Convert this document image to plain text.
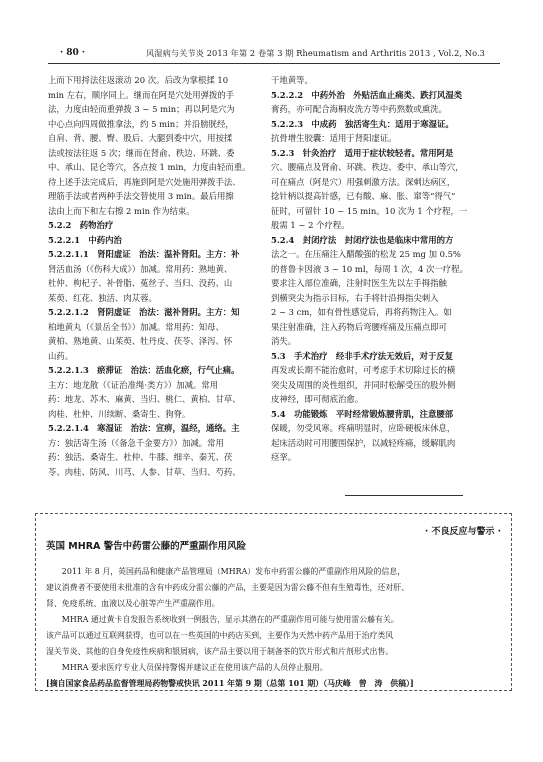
· 80 ·	风湿病与关节炎 2013 年第 2 卷第 3 期 Rheumatism and Arthritis 2013 , Vol.2, No.3

上而下用捋法往返滚动 20 次。后改为掌根揉 10

min 左右，顺序同上。继而在阿是穴处用弹拨的手

法，力度由轻而重弹拨 3 ~ 5 min；再以阿是穴为

中心点向四周做推拿法，约 5 min；并沿膀胱经，

自肩、背、腰、臀、股后、大腿到委中穴，用按揉

法或按法往返 5 次；继而在肾俞、秩边、环跳、委

中、承山、昆仑等穴，各点按 1 min，力度由轻而重。

待上述手法完成后，再施到阿是穴处施用弹拨手法、

理筋手法或者两种手法交替使用 3 min。最后用擦

法由上而下和左右擦 2 min 作为结束。

5.2.2　药物治疗

5.2.2.1　中药内治

5.2.2.1.1　肾阳虚证　治法：温补肾阳。主方：补

肾活血汤（《伤科大成》）加减。常用药：熟地黄、

杜仲、枸杞子、补骨脂、菟丝子、当归、没药、山

茱萸、红花、独活、肉苁蓉。

5.2.2.1.2　肾阴虚证　治法：滋补肾阴。主方：知

柏地黄丸（《景岳全书》）加减。常用药：知母、

黄柏、熟地黄、山茱萸、牡丹皮、茯苓、泽泻、怀

山药。

5.2.2.1.3　瘀滞证　治法：活血化瘀，行气止痛。

主方：地龙散（《证治准绳·类方》）加减。常用

药：地龙、苏木、麻黄、当归、桃仁、黄柏、甘草、

肉桂、杜仲、川续断、桑寄生、狗脊。

5.2.2.1.4　寒湿证　治法：宣痹，温经，通络。主

方：独活寄生汤（《备急千金要方》）加减。常用

药：独活、桑寄生、杜仲、牛膝、细辛、秦艽、茯

苓、肉桂、防风、川芎、人参、甘草、当归、芍药、

干地黄等。

5.2.2.2　中药外治　外贴活血止痛类、跌打风湿类

膏药，亦可配合海桐皮洗方等中药熬数或熏洗。

5.2.2.3　中成药　独活寄生丸：适用于寒湿证。

抗骨增生胶囊：适用于肾阳虚证。

5.2.3　针灸治疗　适用于症状较轻者。常用阿是

穴、腰痛点及肾俞、环跳、秩边、委中、承山等穴，

可在痛点（阿是穴）用强刺激方法。深刺达病区，

捻针柄以提高针感，已有酸、麻、胀、窜等“得气”

征时，可留针 10 ~ 15 min。10 次为 1 个疗程，一

般需 1 ~ 2 个疗程。

5.2.4　封闭疗法　封闭疗法也是临床中常用的方

法之一。在压痛注入醋酸强的松龙 25 mg 加 0.5%

的普鲁卡因液 3 ~ 10 ml，每周 1 次，4 次一疗程。

要求注入部位准确，注射时医生先以左手拇指触

到横突尖为指示目标，右手将针沿拇指尖刺入

2 ~ 3 cm，如有骨性感觉后，再将药物注入。如

果注射准确，注入药物后弯腰疼痛及压痛点即可

消失。

5.3　手术治疗　经非手术疗法无效后，对于反复

再发或长期不能治愈时，可考虑手术切除过长的横

突尖及周围的炎性组织，并同时松解受压的股外侧

皮神经，即可彻底治愈。

5.4　功能锻炼　平时经常锻炼腰背肌，注意腰部

保暖，勿受风寒。疼痛明显时，应卧硬板床休息，

起床活动时可用腰围保护，以减轻疼痛，缓解肌肉

痉挛。

· 不良反应与警示 ·
英国 MHRA 警告中药雷公藤的严重副作用风险

2011 年 8 月，英国药品和健康产品管理局（MHRA）发布中药雷公藤的严重副作用风险的信息，

建议消费者不要使用未批准的含有中药成分雷公藤的产品，主要是因为雷公藤不但有生殖毒性，还对肝、

肾、免疫系统、血液以及心脏等产生严重副作用。

MHRA 通过黄卡自发报告系统收到一例报告，显示其潜在的严重副作用可能与使用雷公藤有关。

该产品可以通过互联网获得，也可以在一些英国的中药店买到，主要作为天然中药产品用于治疗类风

湿关节炎、其他的自身免疫性疾病和银屑病，该产品主要以用于制备茶的饮片形式和片剂形式出售。

MHRA 要求医疗专业人员保持警惕并建议正在使用该产品的人员停止服用。

[摘自国家食品药品监督管理局药物警戒快讯 2011 年第 9 期（总第 101 期）（马庆峰　曾　涛　供稿）]
